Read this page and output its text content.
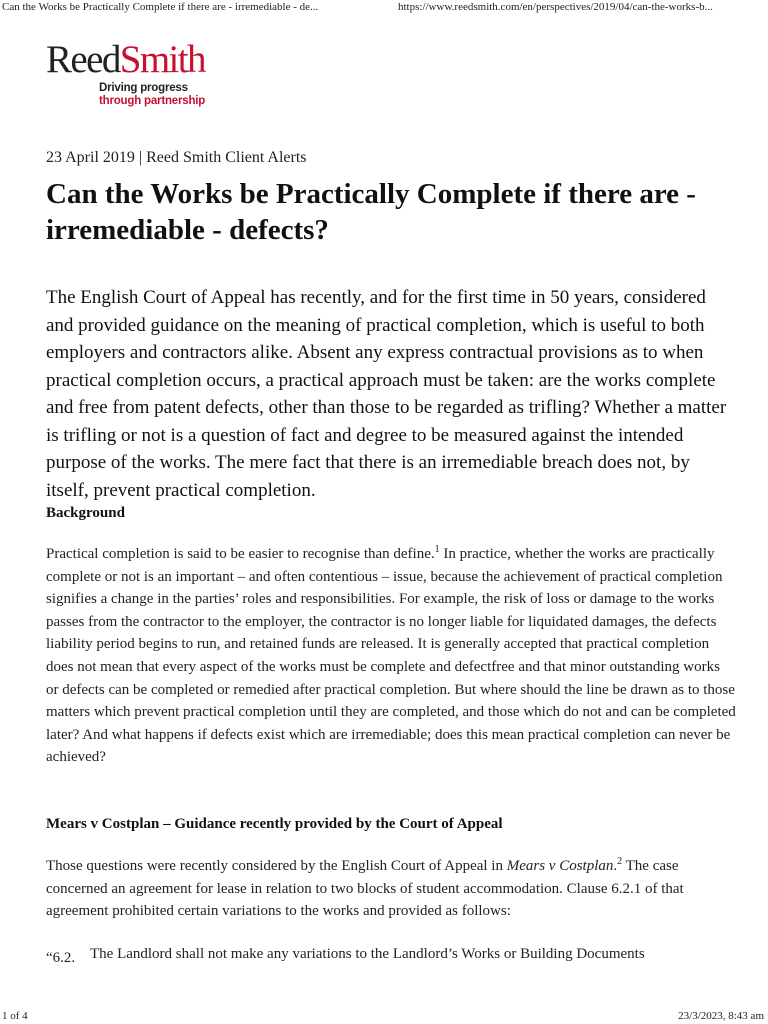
Can the Works be Practically Complete if there are - irremediable - de...	https://www.reedsmith.com/en/perspectives/2019/04/can-the-works-b...
ReedSmith
Driving progress
through partnership
23 April 2019 | Reed Smith Client Alerts
Can the Works be Practically Complete if there are - irremediable - defects?

The English Court of Appeal has recently, and for the first time in 50 years, considered and provided guidance on the meaning of practical completion, which is useful to both employers and contractors alike. Absent any express contractual provisions as to when practical completion occurs, a practical approach must be taken: are the works complete and free from patent defects, other than those to be regarded as trifling? Whether a matter is trifling or not is a question of fact and degree to be measured against the intended purpose of the works. The mere fact that there is an irremediable breach does not, by itself, prevent practical completion.

Background

Practical completion is said to be easier to recognise than define.$^1$ In practice, whether the works are practically complete or not is an important – and often contentious – issue, because the achievement of practical completion signifies a change in the parties’ roles and responsibilities. For example, the risk of loss or damage to the works passes from the contractor to the employer, the contractor is no longer liable for liquidated damages, the defects liability period begins to run, and retained funds are released. It is generally accepted that practical completion does not mean that every aspect of the works must be complete and defectfree and that minor outstanding works or defects can be completed or remedied after practical completion. But where should the line be drawn as to those matters which prevent practical completion until they are completed, and those which do not and can be completed later? And what happens if defects exist which are irremediable; does this mean practical completion can never be achieved?

Mears v Costplan – Guidance recently provided by the Court of Appeal

Those questions were recently considered by the English Court of Appeal in Mears v Costplan.$^2$ The case concerned an agreement for lease in relation to two blocks of student accommodation. Clause 6.2.1 of that agreement prohibited certain variations to the works and provided as follows:

“6.2. The Landlord shall not make any variations to the Landlord’s Works or Building Documents
1 of 4	23/3/2023, 8:43 am
